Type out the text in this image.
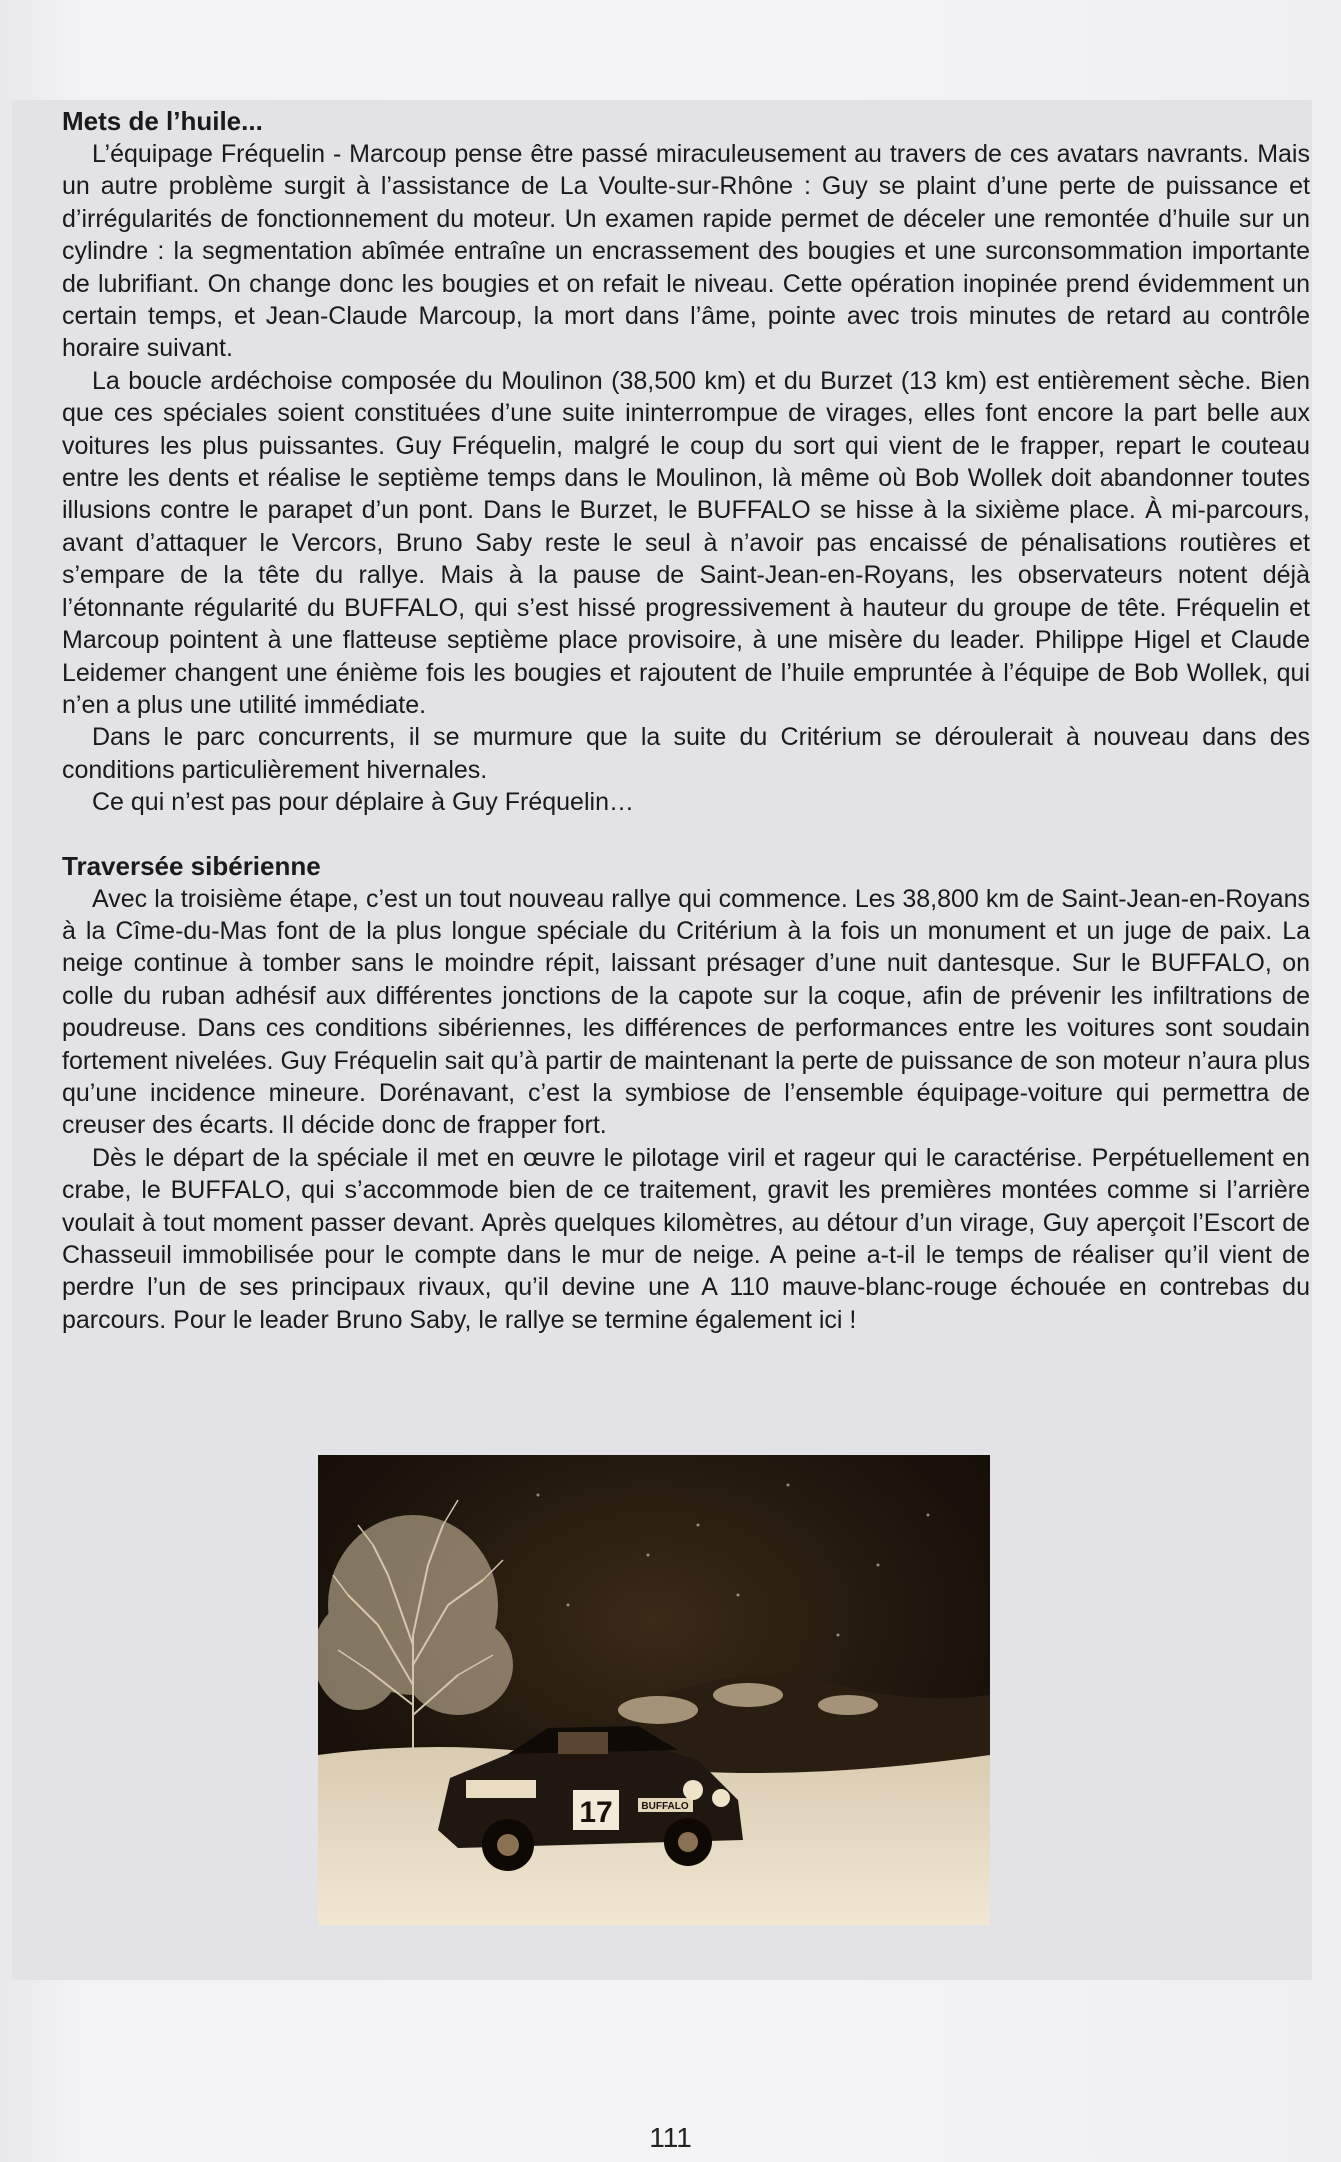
Mets de l’huile...

L’équipage Fréquelin - Marcoup pense être passé miraculeusement au travers de ces avatars navrants. Mais un autre problème surgit à l’assistance de La Voulte-sur-Rhône : Guy se plaint d’une perte de puissance et d’irrégularités de fonctionnement du moteur. Un examen rapide permet de déceler une remontée d’huile sur un cylindre : la segmentation abîmée entraîne un encrassement des bougies et une surconsommation importante de lubrifiant. On change donc les bougies et on refait le niveau. Cette opération inopinée prend évidemment un certain temps, et Jean-Claude Marcoup, la mort dans l’âme, pointe avec trois minutes de retard au contrôle horaire suivant.

La boucle ardéchoise composée du Moulinon (38,500 km) et du Burzet (13 km) est entièrement sèche. Bien que ces spéciales soient constituées d’une suite ininterrompue de virages, elles font encore la part belle aux voitures les plus puissantes. Guy Fréquelin, malgré le coup du sort qui vient de le frapper, repart le couteau entre les dents et réalise le septième temps dans le Moulinon, là même où Bob Wollek doit abandonner toutes illusions contre le parapet d’un pont. Dans le Burzet, le BUFFALO se hisse à la sixième place. À mi-parcours, avant d’attaquer le Vercors, Bruno Saby reste le seul à n’avoir pas encaissé de pénalisations routières et s’empare de la tête du rallye. Mais à la pause de Saint-Jean-en-Royans, les observateurs notent déjà l’étonnante régularité du BUFFALO, qui s’est hissé progressivement à hauteur du groupe de tête. Fréquelin et Marcoup pointent à une flatteuse septième place provisoire, à une misère du leader. Philippe Higel et Claude Leidemer changent une énième fois les bougies et rajoutent de l’huile empruntée à l’équipe de Bob Wollek, qui n’en a plus une utilité immédiate.

Dans le parc concurrents, il se murmure que la suite du Critérium se déroulerait à nouveau dans des conditions particulièrement hivernales.

Ce qui n’est pas pour déplaire à Guy Fréquelin…

Traversée sibérienne

Avec la troisième étape, c’est un tout nouveau rallye qui commence. Les 38,800 km de Saint-Jean-en-Royans à la Cîme-du-Mas font de la plus longue spéciale du Critérium à la fois un monument et un juge de paix. La neige continue à tomber sans le moindre répit, laissant présager d’une nuit dantesque. Sur le BUFFALO, on colle du ruban adhésif aux différentes jonctions de la capote sur la coque, afin de prévenir les infiltrations de poudreuse. Dans ces conditions sibériennes, les différences de performances entre les voitures sont soudain fortement nivelées. Guy Fréquelin sait qu’à partir de maintenant la perte de puissance de son moteur n’aura plus qu’une incidence mineure. Dorénavant, c’est la symbiose de l’ensemble équipage-voiture qui permettra de creuser des écarts. Il décide donc de frapper fort.

Dès le départ de la spéciale il met en œuvre le pilotage viril et rageur qui le caractérise. Perpétuellement en crabe, le BUFFALO, qui s’accommode bien de ce traitement, gravit les premières montées comme si l’arrière voulait à tout moment passer devant. Après quelques kilomètres, au détour d’un virage, Guy aperçoit l’Escort de Chasseuil immobilisée pour le compte dans le mur de neige. A peine a-t-il le temps de réaliser qu’il vient de perdre l’un de ses principaux rivaux, qu’il devine une A 110 mauve-blanc-rouge échouée en contrebas du parcours. Pour le leader Bruno Saby, le rallye se termine également ici !

17	BUFFALO
111
